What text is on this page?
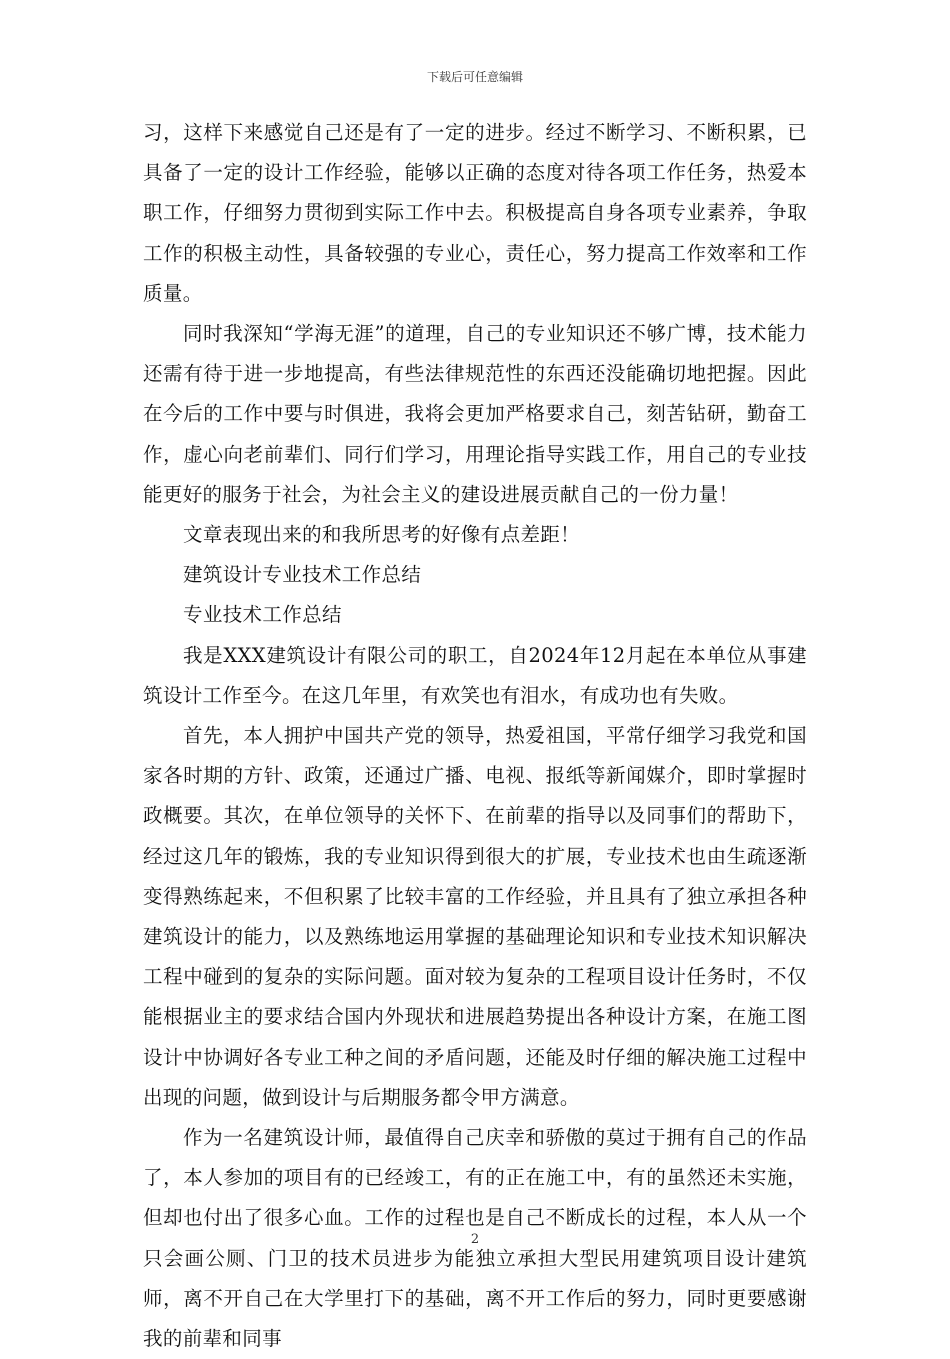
下载后可任意编辑

习，这样下来感觉自己还是有了一定的进步。经过不断学习、不断积累，已具备了一定的设计工作经验，能够以正确的态度对待各项工作任务，热爱本职工作，仔细努力贯彻到实际工作中去。积极提高自身各项专业素养，争取工作的积极主动性，具备较强的专业心，责任心，努力提高工作效率和工作质量。

同时我深知“学海无涯”的道理，自己的专业知识还不够广博，技术能力还需有待于进一步地提高，有些法律规范性的东西还没能确切地把握。因此在今后的工作中要与时俱进，我将会更加严格要求自己，刻苦钻研，勤奋工作，虚心向老前辈们、同行们学习，用理论指导实践工作，用自己的专业技能更好的服务于社会，为社会主义的建设进展贡献自己的一份力量！

文章表现出来的和我所思考的好像有点差距！

建筑设计专业技术工作总结

专业技术工作总结

我是XXX建筑设计有限公司的职工，自2024年12月起在本单位从事建筑设计工作至今。在这几年里，有欢笑也有泪水，有成功也有失败。

首先，本人拥护中国共产党的领导，热爱祖国，平常仔细学习我党和国家各时期的方针、政策，还通过广播、电视、报纸等新闻媒介，即时掌握时政概要。其次，在单位领导的关怀下、在前辈的指导以及同事们的帮助下，经过这几年的锻炼，我的专业知识得到很大的扩展，专业技术也由生疏逐渐变得熟练起来，不但积累了比较丰富的工作经验，并且具有了独立承担各种建筑设计的能力，以及熟练地运用掌握的基础理论知识和专业技术知识解决工程中碰到的复杂的实际问题。面对较为复杂的工程项目设计任务时，不仅能根据业主的要求结合国内外现状和进展趋势提出各种设计方案，在施工图设计中协调好各专业工种之间的矛盾问题，还能及时仔细的解决施工过程中出现的问题，做到设计与后期服务都令甲方满意。

作为一名建筑设计师，最值得自己庆幸和骄傲的莫过于拥有自己的作品了，本人参加的项目有的已经竣工，有的正在施工中，有的虽然还未实施，但却也付出了很多心血。工作的过程也是自己不断成长的过程，本人从一个只会画公厕、门卫的技术员进步为能独立承担大型民用建筑项目设计建筑师，离不开自己在大学里打下的基础，离不开工作后的努力，同时更要感谢我的前辈和同事

2
